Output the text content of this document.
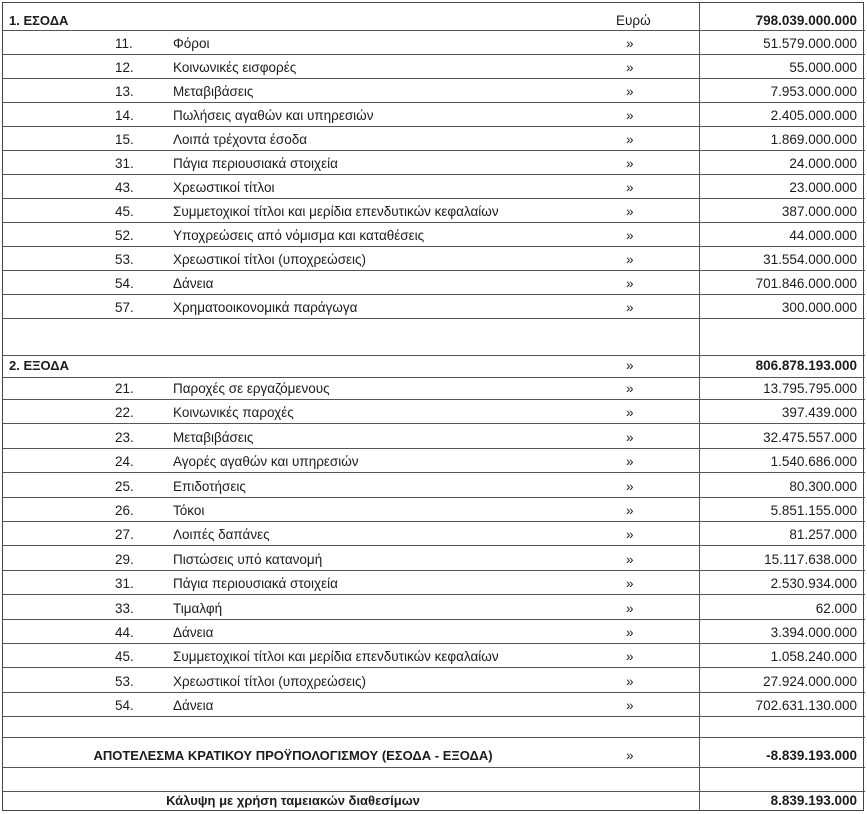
1. ΕΣΟΔΑ	Ευρώ	798.039.000.000
11.	Φόροι	»	51.579.000.000
12.	Κοινωνικές εισφορές	»	55.000.000
13.	Μεταβιβάσεις	»	7.953.000.000
14.	Πωλήσεις αγαθών και υπηρεσιών	»	2.405.000.000
15.	Λοιπά τρέχοντα έσοδα	»	1.869.000.000
31.	Πάγια περιουσιακά στοιχεία	»	24.000.000
43.	Χρεωστικοί τίτλοι	»	23.000.000
45.	Συμμετοχικοί τίτλοι και μερίδια επενδυτικών κεφαλαίων	»	387.000.000
52.	Υποχρεώσεις από νόμισμα και καταθέσεις	»	44.000.000
53.	Χρεωστικοί τίτλοι (υποχρεώσεις)	»	31.554.000.000
54.	Δάνεια	»	701.846.000.000
57.	Χρηματοοικονομικά παράγωγα	»	300.000.000
2. ΕΞΟΔΑ	»	806.878.193.000
21.	Παροχές σε εργαζόμενους	»	13.795.795.000
22.	Κοινωνικές παροχές	»	397.439.000
23.	Μεταβιβάσεις	»	32.475.557.000
24.	Αγορές αγαθών και υπηρεσιών	»	1.540.686.000
25.	Επιδοτήσεις	»	80.300.000
26.	Τόκοι	»	5.851.155.000
27.	Λοιπές δαπάνες	»	81.257.000
29.	Πιστώσεις υπό κατανομή	»	15.117.638.000
31.	Πάγια περιουσιακά στοιχεία	»	2.530.934.000
33.	Τιμαλφή	»	62.000
44.	Δάνεια	»	3.394.000.000
45.	Συμμετοχικοί τίτλοι και μερίδια επενδυτικών κεφαλαίων	»	1.058.240.000
53.	Χρεωστικοί τίτλοι (υποχρεώσεις)	»	27.924.000.000
54.	Δάνεια	»	702.631.130.000
ΑΠΟΤΕΛΕΣΜΑ ΚΡΑΤΙΚΟΥ ΠΡΟΫΠΟΛΟΓΙΣΜΟΥ (ΕΣΟΔΑ - ΕΞΟΔΑ)	»	-8.839.193.000
Κάλυψη με χρήση ταμειακών διαθεσίμων	8.839.193.000
